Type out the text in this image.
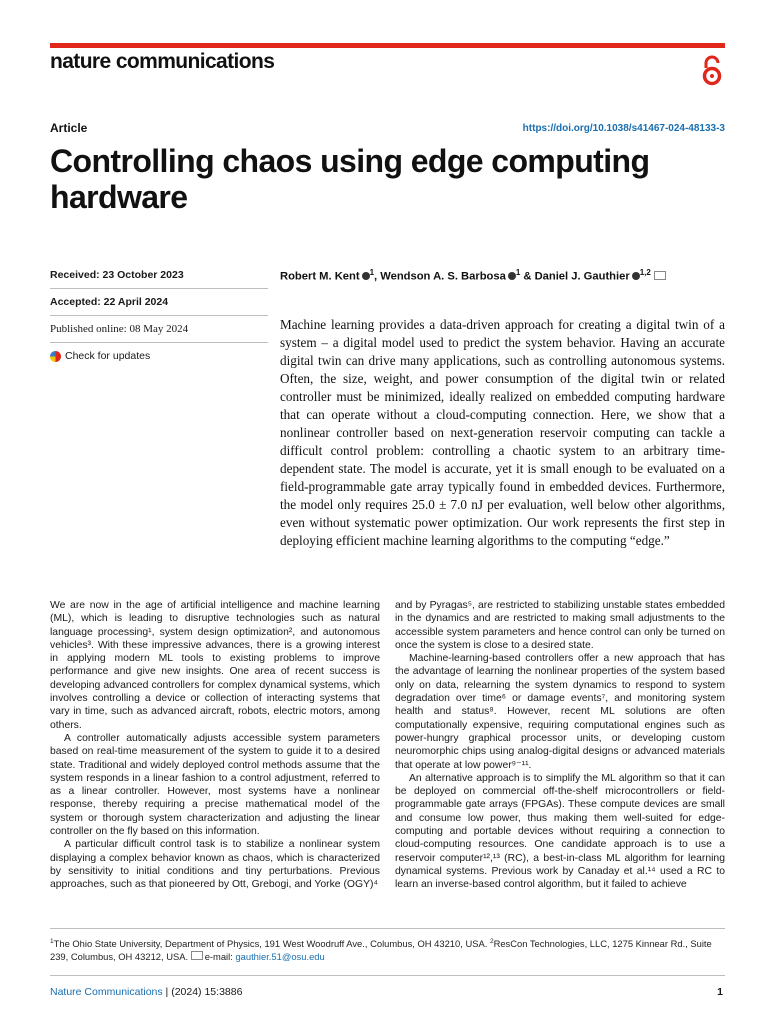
nature communications
Article	https://doi.org/10.1038/s41467-024-48133-3
Controlling chaos using edge computing hardware
Received: 23 October 2023
Accepted: 22 April 2024
Published online: 08 May 2024
Check for updates
Robert M. Kent $^1$, Wendson A. S. Barbosa $^1$ & Daniel J. Gauthier $^{1,2}$

Machine learning provides a data-driven approach for creating a digital twin of a system – a digital model used to predict the system behavior. Having an accurate digital twin can drive many applications, such as controlling autonomous systems. Often, the size, weight, and power consumption of the digital twin or related controller must be minimized, ideally realized on embedded computing hardware that can operate without a cloud-computing connection. Here, we show that a nonlinear controller based on next-generation reservoir computing can tackle a difficult control problem: controlling a chaotic system to an arbitrary time-dependent state. The model is accurate, yet it is small enough to be evaluated on a field-programmable gate array typically found in embedded devices. Furthermore, the model only requires 25.0 ± 7.0 nJ per evaluation, well below other algorithms, even without systematic power optimization. Our work represents the first step in deploying efficient machine learning algorithms to the computing “edge.”

We are now in the age of artificial intelligence and machine learning (ML), which is leading to disruptive technologies such as natural language processing¹, system design optimization², and autonomous vehicles³. With these impressive advances, there is a growing interest in applying modern ML tools to existing problems to improve performance and give new insights. One area of recent success is developing advanced controllers for complex dynamical systems, which involves controlling a device or collection of interacting systems that vary in time, such as advanced aircraft, robots, electric motors, among others.

A controller automatically adjusts accessible system parameters based on real-time measurement of the system to guide it to a desired state. Traditional and widely deployed control methods assume that the system responds in a linear fashion to a control adjustment, referred to as a linear controller. However, most systems have a nonlinear response, thereby requiring a precise mathematical model of the system or thorough system characterization and adjusting the linear controller on the fly based on this information.

A particular difficult control task is to stabilize a nonlinear system displaying a complex behavior known as chaos, which is characterized by sensitivity to initial conditions and tiny perturbations. Previous approaches, such as that pioneered by Ott, Grebogi, and Yorke (OGY)⁴

and by Pyragas⁵, are restricted to stabilizing unstable states embedded in the dynamics and are restricted to making small adjustments to the accessible system parameters and hence control can only be turned on once the system is close to a desired state.

Machine-learning-based controllers offer a new approach that has the advantage of learning the nonlinear properties of the system based only on data, relearning the system dynamics to respond to system degradation over time⁶ or damage events⁷, and monitoring system health and status⁸. However, recent ML solutions are often computationally expensive, requiring computational engines such as power-hungry graphical processor units, or developing custom neuromorphic chips using analog-digital designs or advanced materials that operate at low power⁹⁻¹¹.

An alternative approach is to simplify the ML algorithm so that it can be deployed on commercial off-the-shelf microcontrollers or field-programmable gate arrays (FPGAs). These compute devices are small and consume low power, thus making them well-suited for edge-computing and portable devices without requiring a connection to cloud-computing resources. One candidate approach is to use a reservoir computer¹²,¹³ (RC), a best-in-class ML algorithm for learning dynamical systems. Previous work by Canaday et al.¹⁴ used a RC to learn an inverse-based control algorithm, but it failed to achieve

$^1$The Ohio State University, Department of Physics, 191 West Woodruff Ave., Columbus, OH 43210, USA. $^2$ResCon Technologies, LLC, 1275 Kinnear Rd., Suite 239, Columbus, OH 43212, USA. e-mail: gauthier.51@osu.edu
Nature Communications | (2024) 15:3886	1
